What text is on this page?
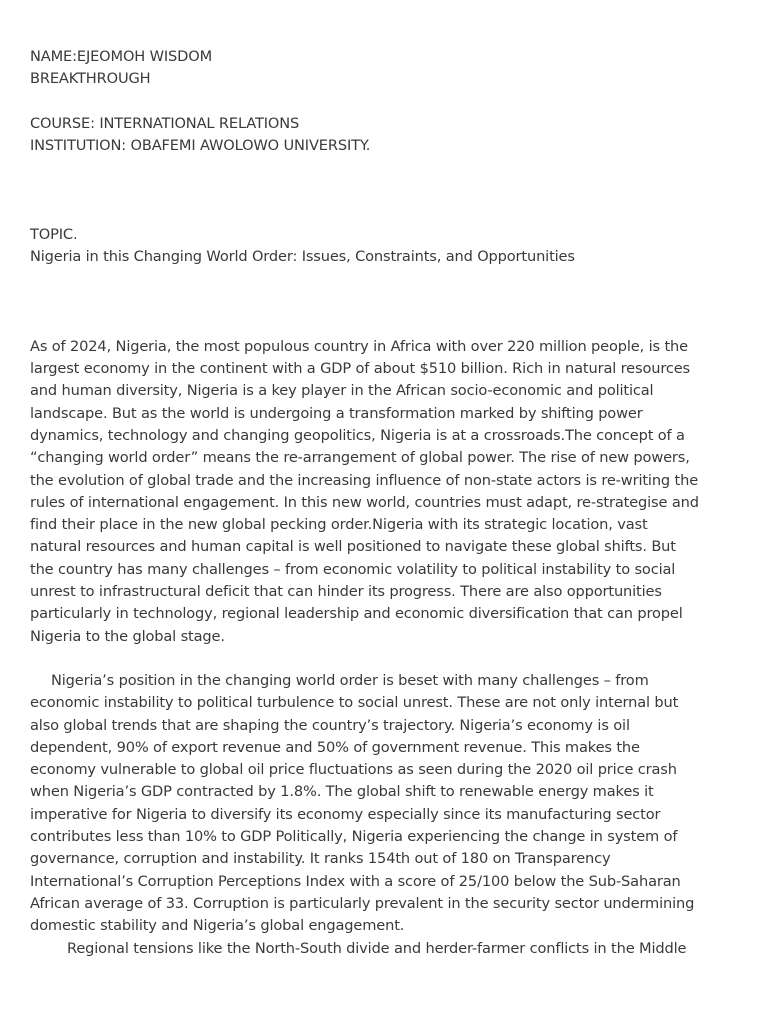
NAME:EJEOMOH WISDOM
BREAKTHROUGH
COURSE: INTERNATIONAL RELATIONS
INSTITUTION: OBAFEMI AWOLOWO UNIVERSITY.
TOPIC.
Nigeria in this Changing World Order: Issues, Constraints, and Opportunities
As of 2024, Nigeria, the most populous country in Africa with over 220 million people, is the
largest economy in the continent with a GDP of about $510 billion. Rich in natural resources
and human diversity, Nigeria is a key player in the African socio-economic and political
landscape. But as the world is undergoing a transformation marked by shifting power
dynamics, technology and changing geopolitics, Nigeria is at a crossroads.The concept of a
“changing world order” means the re-arrangement of global power. The rise of new powers,
the evolution of global trade and the increasing influence of non-state actors is re-writing the
rules of international engagement. In this new world, countries must adapt, re-strategise and
find their place in the new global pecking order.Nigeria with its strategic location, vast
natural resources and human capital is well positioned to navigate these global shifts. But
the country has many challenges – from economic volatility to political instability to social
unrest to infrastructural deficit that can hinder its progress. There are also opportunities
particularly in technology, regional leadership and economic diversification that can propel
Nigeria to the global stage.
Nigeria’s position in the changing world order is beset with many challenges – from
economic instability to political turbulence to social unrest. These are not only internal but
also global trends that are shaping the country’s trajectory. Nigeria’s economy is oil
dependent, 90% of export revenue and 50% of government revenue. This makes the
economy vulnerable to global oil price fluctuations as seen during the 2020 oil price crash
when Nigeria’s GDP contracted by 1.8%. The global shift to renewable energy makes it
imperative for Nigeria to diversify its economy especially since its manufacturing sector
contributes less than 10% to GDP Politically, Nigeria experiencing the change in system of
governance, corruption and instability. It ranks 154th out of 180 on Transparency
International’s Corruption Perceptions Index with a score of 25/100 below the Sub-Saharan
African average of 33. Corruption is particularly prevalent in the security sector undermining
domestic stability and Nigeria’s global engagement.
Regional tensions like the North-South divide and herder-farmer conflicts in the Middle
